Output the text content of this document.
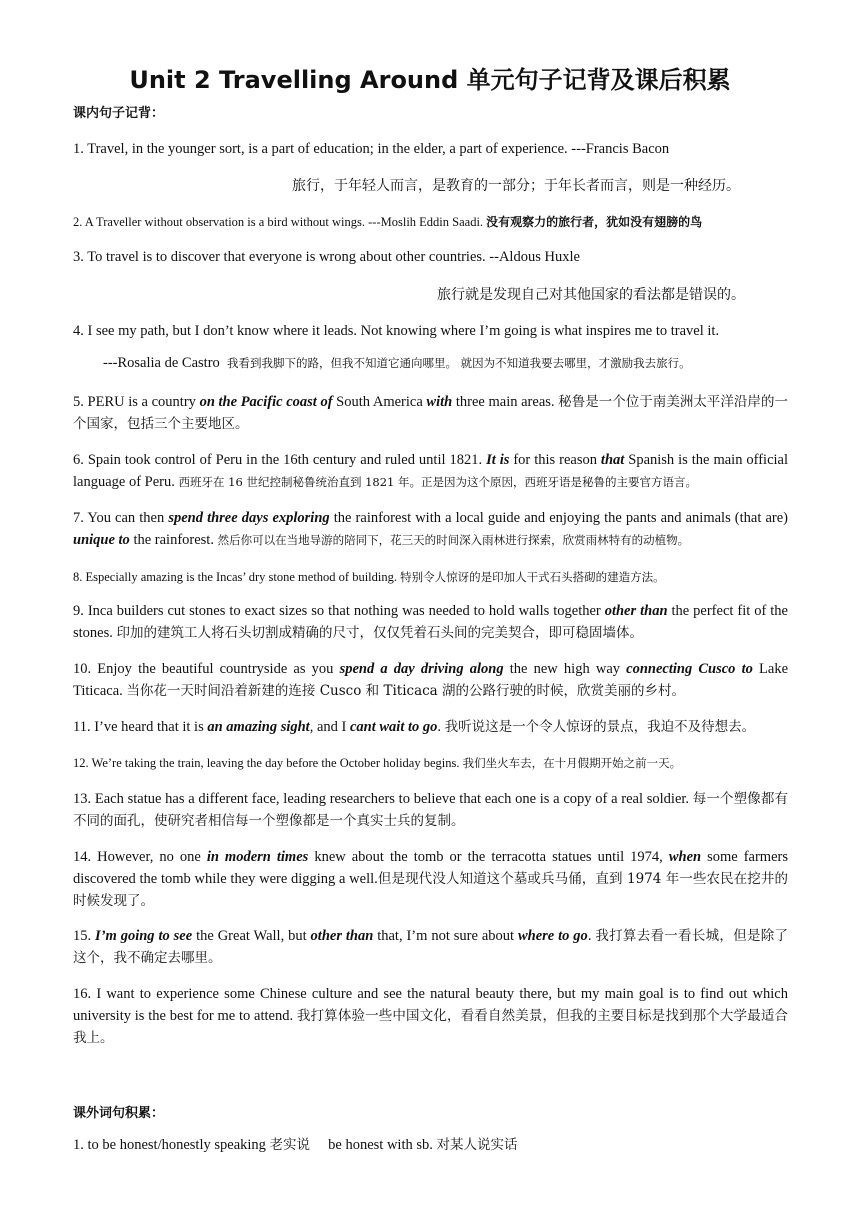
Unit 2 Travelling Around 单元句子记背及课后积累
课内句子记背：
1. Travel, in the younger sort, is a part of education; in the elder, a part of experience. ---Francis Bacon
旅行，于年轻人而言，是教育的一部分；于年长者而言，则是一种经历。
2. A Traveller without observation is a bird without wings. ---Moslih Eddin Saadi. 没有观察力的旅行者，犹如没有翅膀的鸟
3. To travel is to discover that everyone is wrong about other countries. --Aldous Huxle
旅行就是发现自己对其他国家的看法都是错误的。
4. I see my path, but I don’t know where it leads. Not knowing where I’m going is what inspires me to travel it.
---Rosalia de Castro 我看到我脚下的路，但我不知道它通向哪里。 就因为不知道我要去哪里，才激励我去旅行。
5. PERU is a country on the Pacific coast of South America with three main areas. 秘鲁是一个位于南美洲太平洋沿岸的一个国家，包括三个主要地区。
6. Spain took control of Peru in the 16th century and ruled until 1821. It is for this reason that Spanish is the main official language of Peru. 西班牙在 16 世纪控制秘鲁统治直到 1821 年。正是因为这个原因，西班牙语是秘鲁的主要官方语言。
7. You can then spend three days exploring the rainforest with a local guide and enjoying the pants and animals (that are) unique to the rainforest. 然后你可以在当地导游的陪同下，花三天的时间深入雨林进行探索，欣赏雨林特有的动植物。
8. Especially amazing is the Incas’ dry stone method of building. 特别令人惊讶的是印加人干式石头搭砌的建造方法。
9. Inca builders cut stones to exact sizes so that nothing was needed to hold walls together other than the perfect fit of the stones. 印加的建筑工人将石头切割成精确的尺寸，仅仅凭着石头间的完美契合，即可稳固墙体。
10. Enjoy the beautiful countryside as you spend a day driving along the new high way connecting Cusco to Lake Titicaca. 当你花一天时间沿着新建的连接 Cusco 和 Titicaca 湖的公路行驶的时候，欣赏美丽的乡村。
11. I’ve heard that it is an amazing sight, and I cant wait to go. 我听说这是一个令人惊讶的景点，我迫不及待想去。
12. We’re taking the train, leaving the day before the October holiday begins. 我们坐火车去，在十月假期开始之前一天。
13. Each statue has a different face, leading researchers to believe that each one is a copy of a real soldier. 每一个塑像都有不同的面孔，使研究者相信每一个塑像都是一个真实士兵的复制。
14. However, no one in modern times knew about the tomb or the terracotta statues until 1974, when some farmers discovered the tomb while they were digging a well.但是现代没人知道这个墓或兵马俑，直到 1974 年一些农民在挖井的时候发现了。
15. I’m going to see the Great Wall, but other than that, I’m not sure about where to go. 我打算去看一看长城，但是除了这个，我不确定去哪里。
16. I want to experience some Chinese culture and see the natural beauty there, but my main goal is to find out which university is the best for me to attend. 我打算体验一些中国文化，看看自然美景，但我的主要目标是找到那个大学最适合我上。
课外词句积累：
1. to be honest/honestly speaking 老实说 be honest with sb. 对某人说实话
